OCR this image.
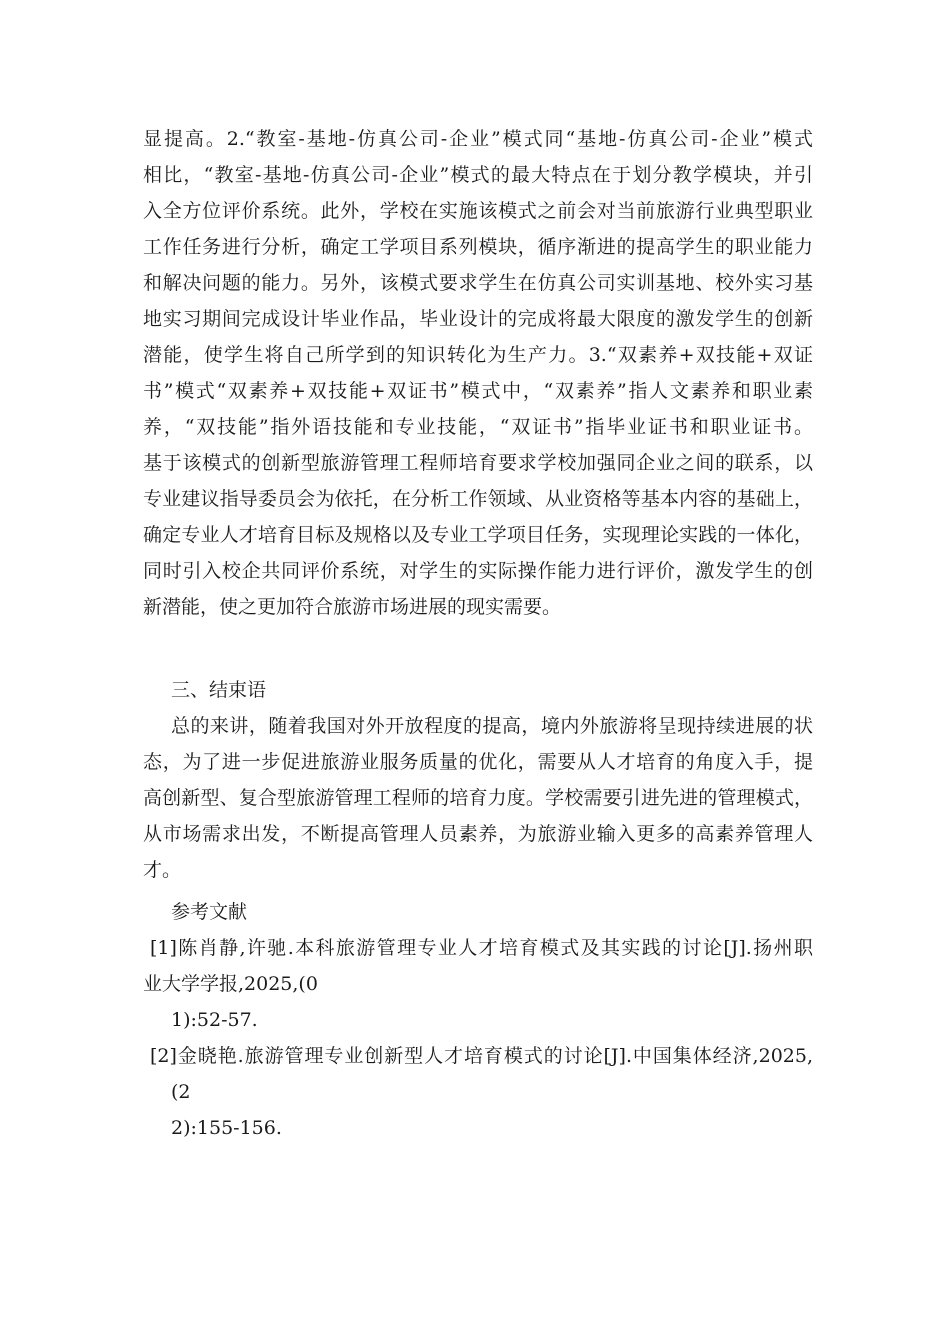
显提高。2.“教室-基地-仿真公司-企业”模式同“基地-仿真公司-企业”模式
相比，“教室-基地-仿真公司-企业”模式的最大特点在于划分教学模块，并引
入全方位评价系统。此外，学校在实施该模式之前会对当前旅游行业典型职业
工作任务进行分析，确定工学项目系列模块，循序渐进的提高学生的职业能力
和解决问题的能力。另外，该模式要求学生在仿真公司实训基地、校外实习基
地实习期间完成设计毕业作品，毕业设计的完成将最大限度的激发学生的创新
潜能，使学生将自己所学到的知识转化为生产力。3.“双素养+双技能+双证
书”模式“双素养+双技能+双证书”模式中，“双素养”指人文素养和职业素
养，“双技能”指外语技能和专业技能，“双证书”指毕业证书和职业证书。
基于该模式的创新型旅游管理工程师培育要求学校加强同企业之间的联系，以
专业建议指导委员会为依托，在分析工作领域、从业资格等基本内容的基础上，
确定专业人才培育目标及规格以及专业工学项目任务，实现理论实践的一体化，
同时引入校企共同评价系统，对学生的实际操作能力进行评价，激发学生的创
新潜能，使之更加符合旅游市场进展的现实需要。
三、结束语
总的来讲，随着我国对外开放程度的提高，境内外旅游将呈现持续进展的状
态，为了进一步促进旅游业服务质量的优化，需要从人才培育的角度入手，提
高创新型、复合型旅游管理工程师的培育力度。学校需要引进先进的管理模式，
从市场需求出发，不断提高管理人员素养，为旅游业输入更多的高素养管理人
才。
参考文献
[1]陈肖静,许驰.本科旅游管理专业人才培育模式及其实践的讨论[J].扬州职
业大学学报,2025,(0
1):52-57.
[2]金晓艳.旅游管理专业创新型人才培育模式的讨论[J].中国集体经济,2025,
(2
2):155-156.
